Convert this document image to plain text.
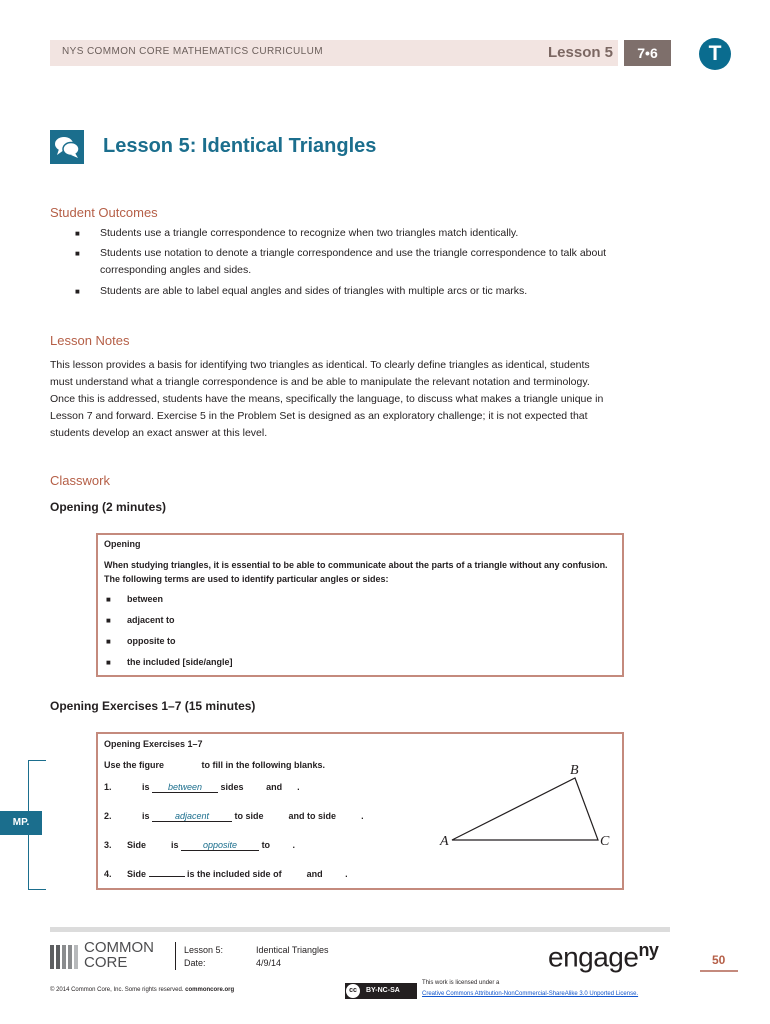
NYS COMMON CORE MATHEMATICS CURRICULUM	Lesson 5	7•6	T
Lesson 5: Identical Triangles
Student Outcomes
■ Students use a triangle correspondence to recognize when two triangles match identically.
■ Students use notation to denote a triangle correspondence and use the triangle correspondence to talk about
corresponding angles and sides.
■ Students are able to label equal angles and sides of triangles with multiple arcs or tic marks.
Lesson Notes
This lesson provides a basis for identifying two triangles as identical. To clearly define triangles as identical, students
must understand what a triangle correspondence is and be able to manipulate the relevant notation and terminology.
Once this is addressed, students have the means, specifically the language, to discuss what makes a triangle unique in
Lesson 7 and forward. Exercise 5 in the Problem Set is designed as an exploratory challenge; it is not expected that
students develop an exact answer at this level.
Classwork
Opening (2 minutes)
Opening
When studying triangles, it is essential to be able to communicate about the parts of a triangle without any confusion.
The following terms are used to identify particular angles or sides:
■ between
■ adjacent to
■ opposite to
■ the included [side/angle]
Opening Exercises 1–7 (15 minutes)
MP.
Opening Exercises 1–7
Use the figure               to fill in the following blanks.
1.	is between sides         and      .
2.	is	adjacent	to side          and to side          .
3. Side          is	opposite	to         .
4. Side	is the included side of          and         .
A
B
C
COMMON
CORE
Lesson 5:
Date:
Identical Triangles
4/9/14	engage$^{ny}$	50
© 2014 Common Core, Inc. Some rights reserved. commoncore.org	cc BY-NC-SA
This work is licensed under a
Creative Commons Attribution-NonCommercial-ShareAlike 3.0 Unported License.
